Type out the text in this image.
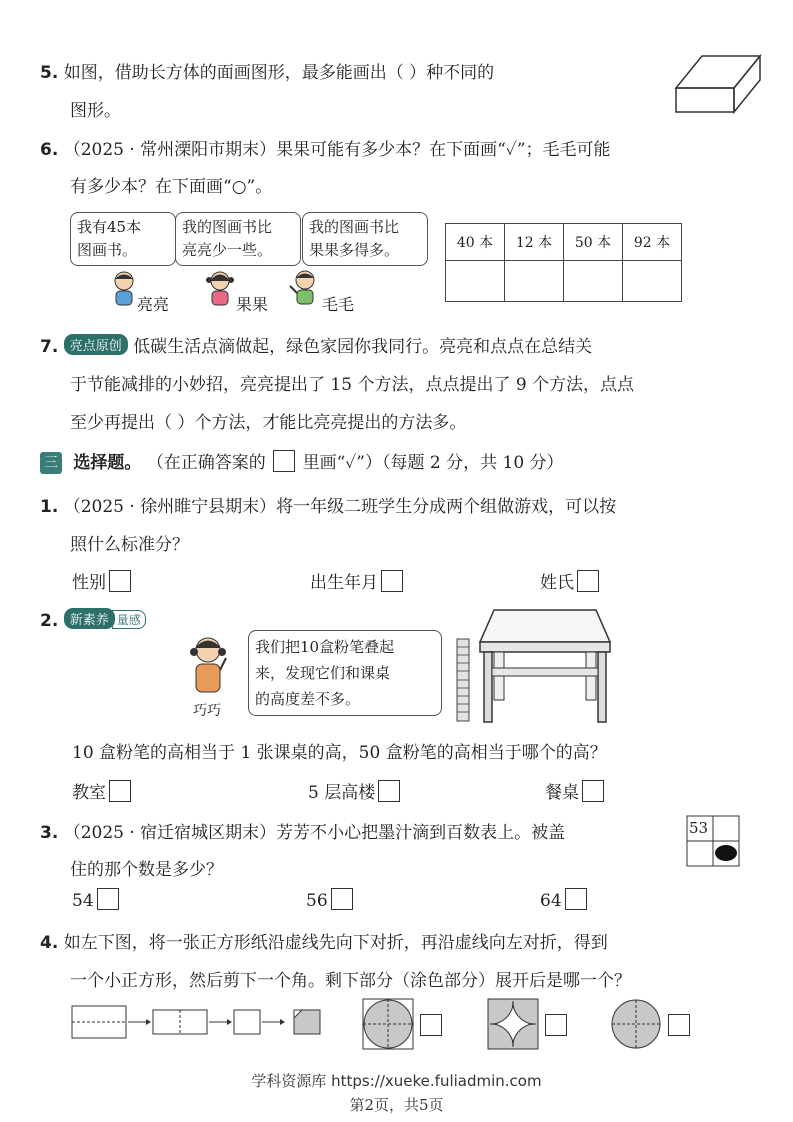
5. 如图，借助长方体的面画图形，最多能画出（ ）种不同的
图形。
6. （2025 · 常州溧阳市期末）果果可能有多少本？在下面画“✓”；毛毛可能
有多少本？在下面画“○”。
我有45本
图画书。
我的图画书比
亮亮少一些。
我的图画书比
果果多得多。
亮亮	果果	毛毛
40 本	12 本	50 本	92 本

7. 亮点原创 低碳生活点滴做起，绿色家园你我同行。亮亮和点点在总结关
于节能减排的小妙招，亮亮提出了 15 个方法，点点提出了 9 个方法，点点
至少再提出（ ）个方法，才能比亮亮提出的方法多。
三 选择题。 （在正确答案的 里画“✓”）（每题 2 分，共 10 分）
1. （2025 · 徐州睢宁县期末）将一年级二班学生分成两个组做游戏，可以按
照什么标准分？
性别	出生年月	姓氏
2. 新素养 量感
巧巧
我们把10盒粉笔叠起
来，发现它们和课桌
的高度差不多。
10 盒粉笔的高相当于 1 张课桌的高，50 盒粉笔的高相当于哪个的高？
教室	5 层高楼	餐桌
3. （2025 · 宿迁宿城区期末）芳芳不小心把墨汁滴到百数表上。被盖
住的那个数是多少？
53
54	56	64
4. 如左下图，将一张正方形纸沿虚线先向下对折，再沿虚线向左对折，得到
一个小正方形，然后剪下一个角。剩下部分（涂色部分）展开后是哪一个？
学科资源库 https://xueke.fuliadmin.com
第2页，共5页
